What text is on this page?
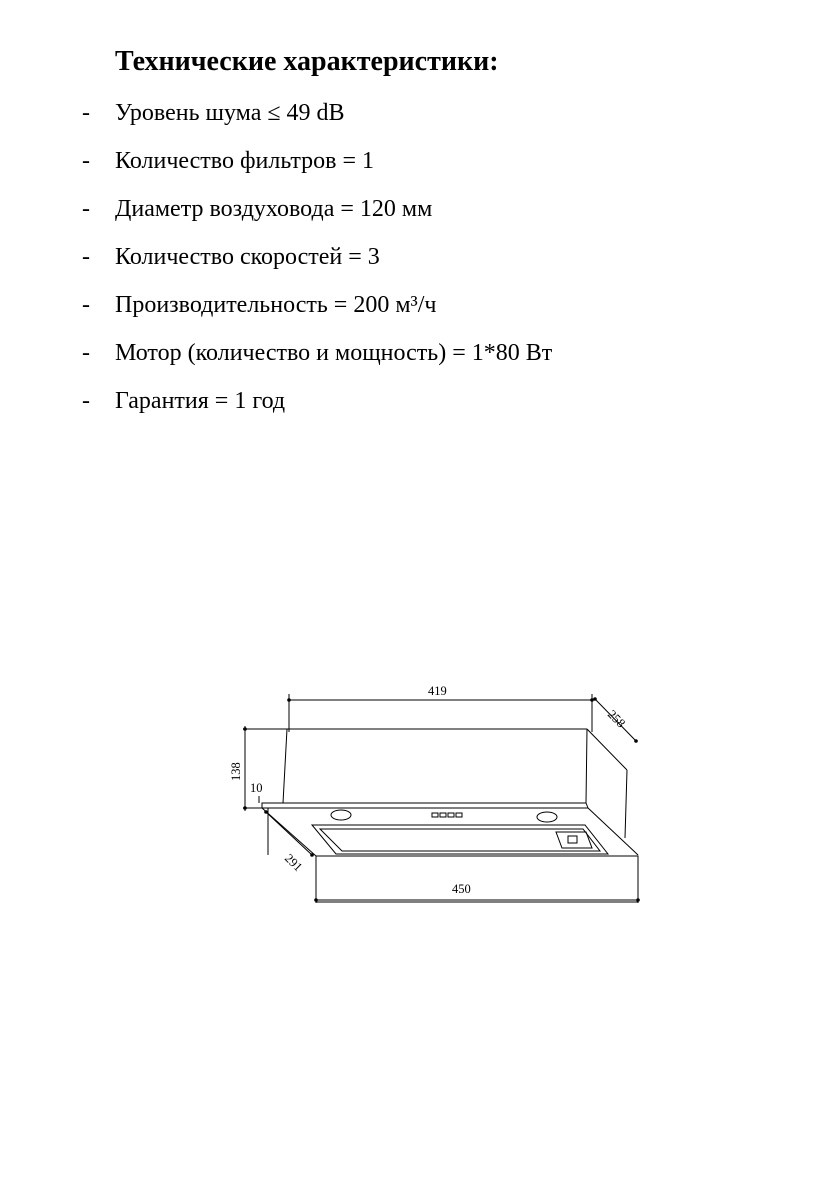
Технические характеристики:
- Уровень шума ≤ 49 dB
- Количество фильтров = 1
- Диаметр воздуховода = 120 мм
- Количество скоростей = 3
- Производительность = 200 м³/ч
- Мотор (количество и мощность) = 1*80 Вт
- Гарантия = 1 год
419
258
138
10
291
450
